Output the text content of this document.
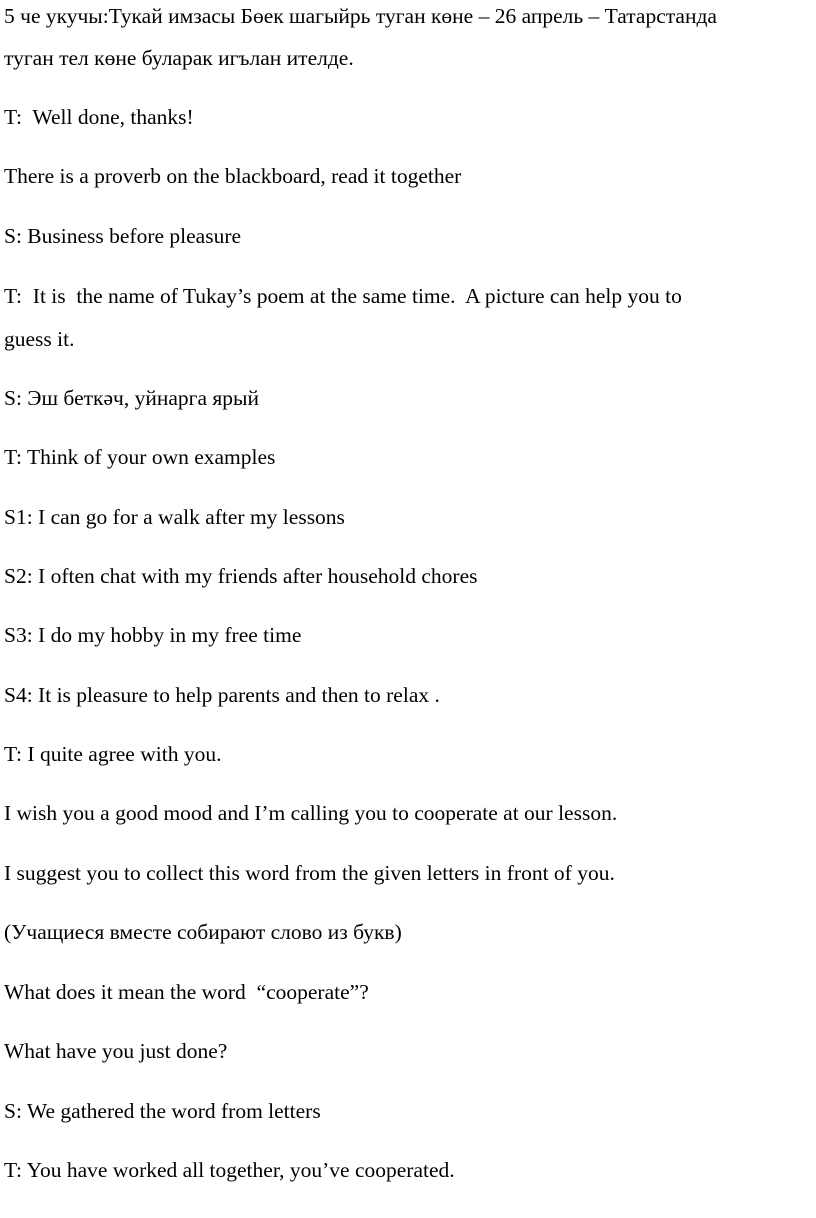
5 че укучы:Тукай имзасы Бөек шагыйрь туган көне – 26 апрель – Татарстанда
туган тел көне буларак игълан ителде.
T:  Well done, thanks!
There is a proverb on the blackboard, read it together
S: Business before pleasure
T:  It is  the name of Tukay’s poem at the same time.  A picture can help you to
guess it.
S: Эш беткәч, уйнарга ярый
T: Think of your own examples
S1: I can go for a walk after my lessons
S2: I often chat with my friends after household chores
S3: I do my hobby in my free time
S4: It is pleasure to help parents and then to relax .
T: I quite agree with you.
I wish you a good mood and I’m calling you to cooperate at our lesson.
I suggest you to collect this word from the given letters in front of you.
(Учащиеся вместе собирают слово из букв)
What does it mean the word  “cooperate”?
What have you just done?
S: We gathered the word from letters
T: You have worked all together, you’ve cooperated.
